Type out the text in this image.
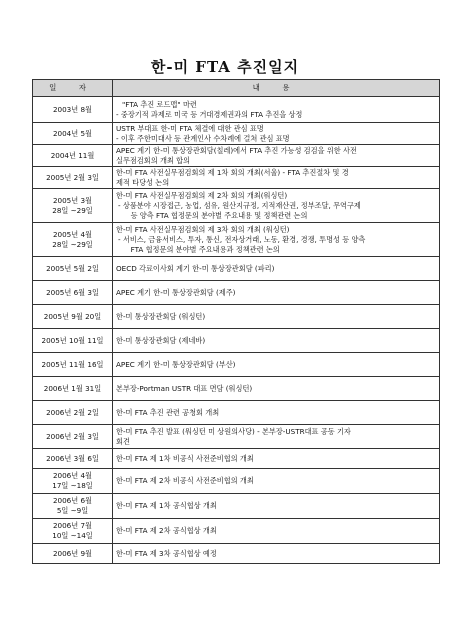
한-미 FTA 추진일지
일 자	내 용

2003년 8월	"FTA 추진 로드맵" 마련
- 중장기적 과제로 미국 등 거대경제권과의 FTA 추진을 상정

2004년 5월	USTR 부대표 한-미 FTA 체결에 대한 관심 표명
- 이후 주한미대사 등 관계인사 수차례에 걸쳐 관심 표명

2004년 11월	APEC 계기 한-미 통상장관회담(칠레)에서 FTA 추진 가능성 검검을 위한 사전
실무점검회의 개최 합의

2005년 2월 3일	한-미 FTA 사전실무점검회의 제 1차 회의 개최(서울) - FTA 추진절차 및 경
제적 타당성 논의

2005년 3월
28일 ~29일	한-미 FTA 사전실무점검회의 제 2차 회의 개최(워싱턴)
- 상품분야 시장접근, 농업, 섬유, 원산지규정, 지적재산권, 정부조달, 무역구제
등 양측 FTA 협정문의 분야별 주요내용 및 정책관련 논의

2005년 4월
28일 ~29일	한-미 FTA 사전실무점검회의 제 3차 회의 개최 (워싱턴)
- 서비스, 금융서비스, 투자, 통신, 전자상거래, 노동, 환경, 경쟁, 투명성 등 양측
FTA 협정문의 분야별 주요내용과 정책관련 논의

2005년 5월 2일	OECD 각료이사회 계기 한-미 통상장관회담 (파리)

2005년 6월 3일	APEC 계기 한-미 통상장관회담 (제주)

2005년 9월 20일	한-미 통상장관회담 (워싱턴)

2005년 10월 11일	한-미 통상장관회담 (제네바)

2005년 11월 16일	APEC 계기 한-미 통상장관회담 (부산)

2006년 1월 31일	본부장-Portman USTR 대표 면담 (워싱턴)

2006년 2월 2일	한-미 FTA 추진 관련 공청회 개최

2006년 2월 3일	한-미 FTA 추진 발표 (워싱턴 미 상원의사당) - 본부장-USTR대표 공동 기자
회견

2006년 3월 6일	한-미 FTA 제 1차 비공식 사전준비협의 개최

2006년 4월
17일 ~18일	한-미 FTA 제 2차 비공식 사전준비협의 개최

2006년 6월
5일 ~9일	한-미 FTA 제 1차 공식협상 개최

2006년 7월
10일 ~14일	한-미 FTA 제 2차 공식협상 개최

2006년 9월	한-미 FTA 제 3차 공식협상 예정
